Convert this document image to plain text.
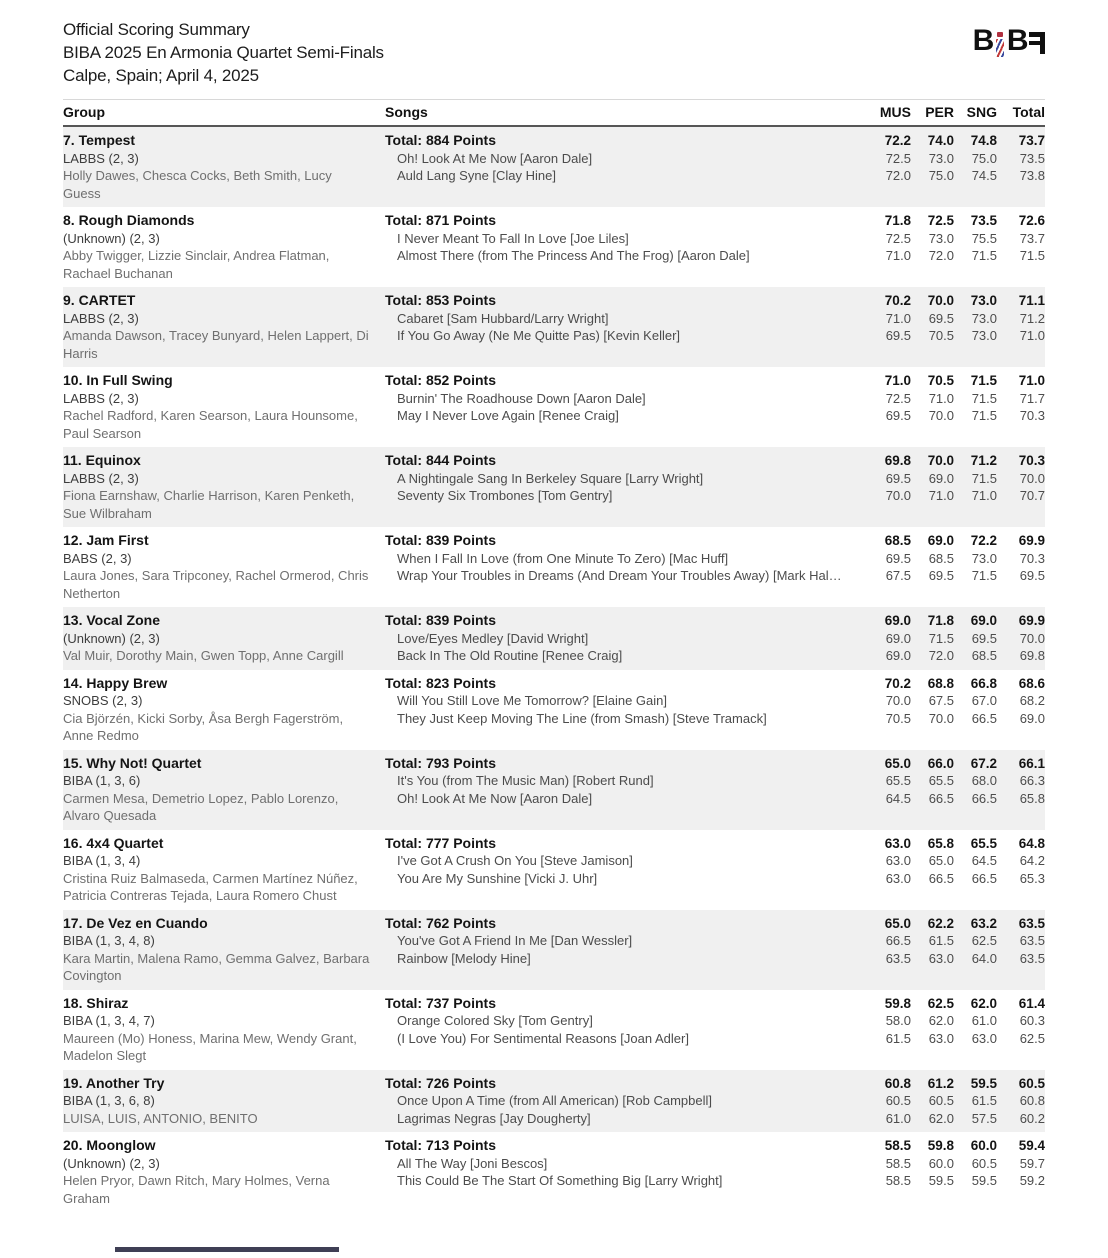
Official Scoring Summary
BIBA 2025 En Armonia Quartet Semi-Finals
Calpe, Spain; April 4, 2025
B B
Group	Songs	MUS	PER SNG	Total
7. Tempest
LABBS (2, 3)
Holly Dawes, Chesca Cocks, Beth Smith, Lucy Guess
Total: 884 Points	72.2	74.0	74.8	73.7
Oh! Look At Me Now [Aaron Dale]	72.5	73.0	75.0	73.5
Auld Lang Syne [Clay Hine]	72.0	75.0	74.5	73.8
8. Rough Diamonds
(Unknown) (2, 3)
Abby Twigger, Lizzie Sinclair, Andrea Flatman, Rachael Buchanan
Total: 871 Points	71.8	72.5	73.5	72.6
I Never Meant To Fall In Love [Joe Liles]	72.5	73.0	75.5	73.7
Almost There (from The Princess And The Frog) [Aaron Dale]	71.0	72.0	71.5	71.5
9. CARTET
LABBS (2, 3)
Amanda Dawson, Tracey Bunyard, Helen Lappert, Di Harris
Total: 853 Points	70.2	70.0	73.0	71.1
Cabaret [Sam Hubbard/Larry Wright]	71.0	69.5	73.0	71.2
If You Go Away (Ne Me Quitte Pas) [Kevin Keller]	69.5	70.5	73.0	71.0
10. In Full Swing
LABBS (2, 3)
Rachel Radford, Karen Searson, Laura Hounsome, Paul Searson
Total: 852 Points	71.0	70.5	71.5	71.0
Burnin' The Roadhouse Down [Aaron Dale]	72.5	71.0	71.5	71.7
May I Never Love Again [Renee Craig]	69.5	70.0	71.5	70.3
11. Equinox
LABBS (2, 3)
Fiona Earnshaw, Charlie Harrison, Karen Penketh, Sue Wilbraham
Total: 844 Points	69.8	70.0	71.2	70.3
A Nightingale Sang In Berkeley Square [Larry Wright]	69.5	69.0	71.5	70.0
Seventy Six Trombones [Tom Gentry]	70.0	71.0	71.0	70.7
12. Jam First
BABS (2, 3)
Laura Jones, Sara Tripconey, Rachel Ormerod, Chris Netherton
Total: 839 Points	68.5	69.0	72.2	69.9
When I Fall In Love (from One Minute To Zero) [Mac Huff]	69.5	68.5	73.0	70.3
Wrap Your Troubles in Dreams (And Dream Your Troubles Away) [Mark Hal…	67.5	69.5	71.5	69.5
13. Vocal Zone
(Unknown) (2, 3)
Val Muir, Dorothy Main, Gwen Topp, Anne Cargill
Total: 839 Points	69.0	71.8	69.0	69.9
Love/Eyes Medley [David Wright]	69.0	71.5	69.5	70.0
Back In The Old Routine [Renee Craig]	69.0	72.0	68.5	69.8
14. Happy Brew
SNOBS (2, 3)
Cia Björzén, Kicki Sorby, Åsa Bergh Fagerström, Anne Redmo
Total: 823 Points	70.2	68.8	66.8	68.6
Will You Still Love Me Tomorrow? [Elaine Gain]	70.0	67.5	67.0	68.2
They Just Keep Moving The Line (from Smash) [Steve Tramack]	70.5	70.0	66.5	69.0
15. Why Not! Quartet
BIBA (1, 3, 6)
Carmen Mesa, Demetrio Lopez, Pablo Lorenzo, Alvaro Quesada
Total: 793 Points	65.0	66.0	67.2	66.1
It's You (from The Music Man) [Robert Rund]	65.5	65.5	68.0	66.3
Oh! Look At Me Now [Aaron Dale]	64.5	66.5	66.5	65.8
16. 4x4 Quartet
BIBA (1, 3, 4)
Cristina Ruiz Balmaseda, Carmen Martínez Núñez, Patricia Contreras Tejada, Laura Romero Chust
Total: 777 Points	63.0	65.8	65.5	64.8
I've Got A Crush On You [Steve Jamison]	63.0	65.0	64.5	64.2
You Are My Sunshine [Vicki J. Uhr]	63.0	66.5	66.5	65.3
17. De Vez en Cuando
BIBA (1, 3, 4, 8)
Kara Martin, Malena Ramo, Gemma Galvez, Barbara Covington
Total: 762 Points	65.0	62.2	63.2	63.5
You've Got A Friend In Me [Dan Wessler]	66.5	61.5	62.5	63.5
Rainbow [Melody Hine]	63.5	63.0	64.0	63.5
18. Shiraz
BIBA (1, 3, 4, 7)
Maureen (Mo) Honess, Marina Mew, Wendy Grant, Madelon Slegt
Total: 737 Points	59.8	62.5	62.0	61.4
Orange Colored Sky [Tom Gentry]	58.0	62.0	61.0	60.3
(I Love You) For Sentimental Reasons [Joan Adler]	61.5	63.0	63.0	62.5
19. Another Try
BIBA (1, 3, 6, 8)
LUISA, LUIS, ANTONIO, BENITO
Total: 726 Points	60.8	61.2	59.5	60.5
Once Upon A Time (from All American) [Rob Campbell]	60.5	60.5	61.5	60.8
Lagrimas Negras [Jay Dougherty]	61.0	62.0	57.5	60.2
20. Moonglow
(Unknown) (2, 3)
Helen Pryor, Dawn Ritch, Mary Holmes, Verna Graham
Total: 713 Points	58.5	59.8	60.0	59.4
All The Way [Joni Bescos]	58.5	60.0	60.5	59.7
This Could Be The Start Of Something Big [Larry Wright]	58.5	59.5	59.5	59.2
